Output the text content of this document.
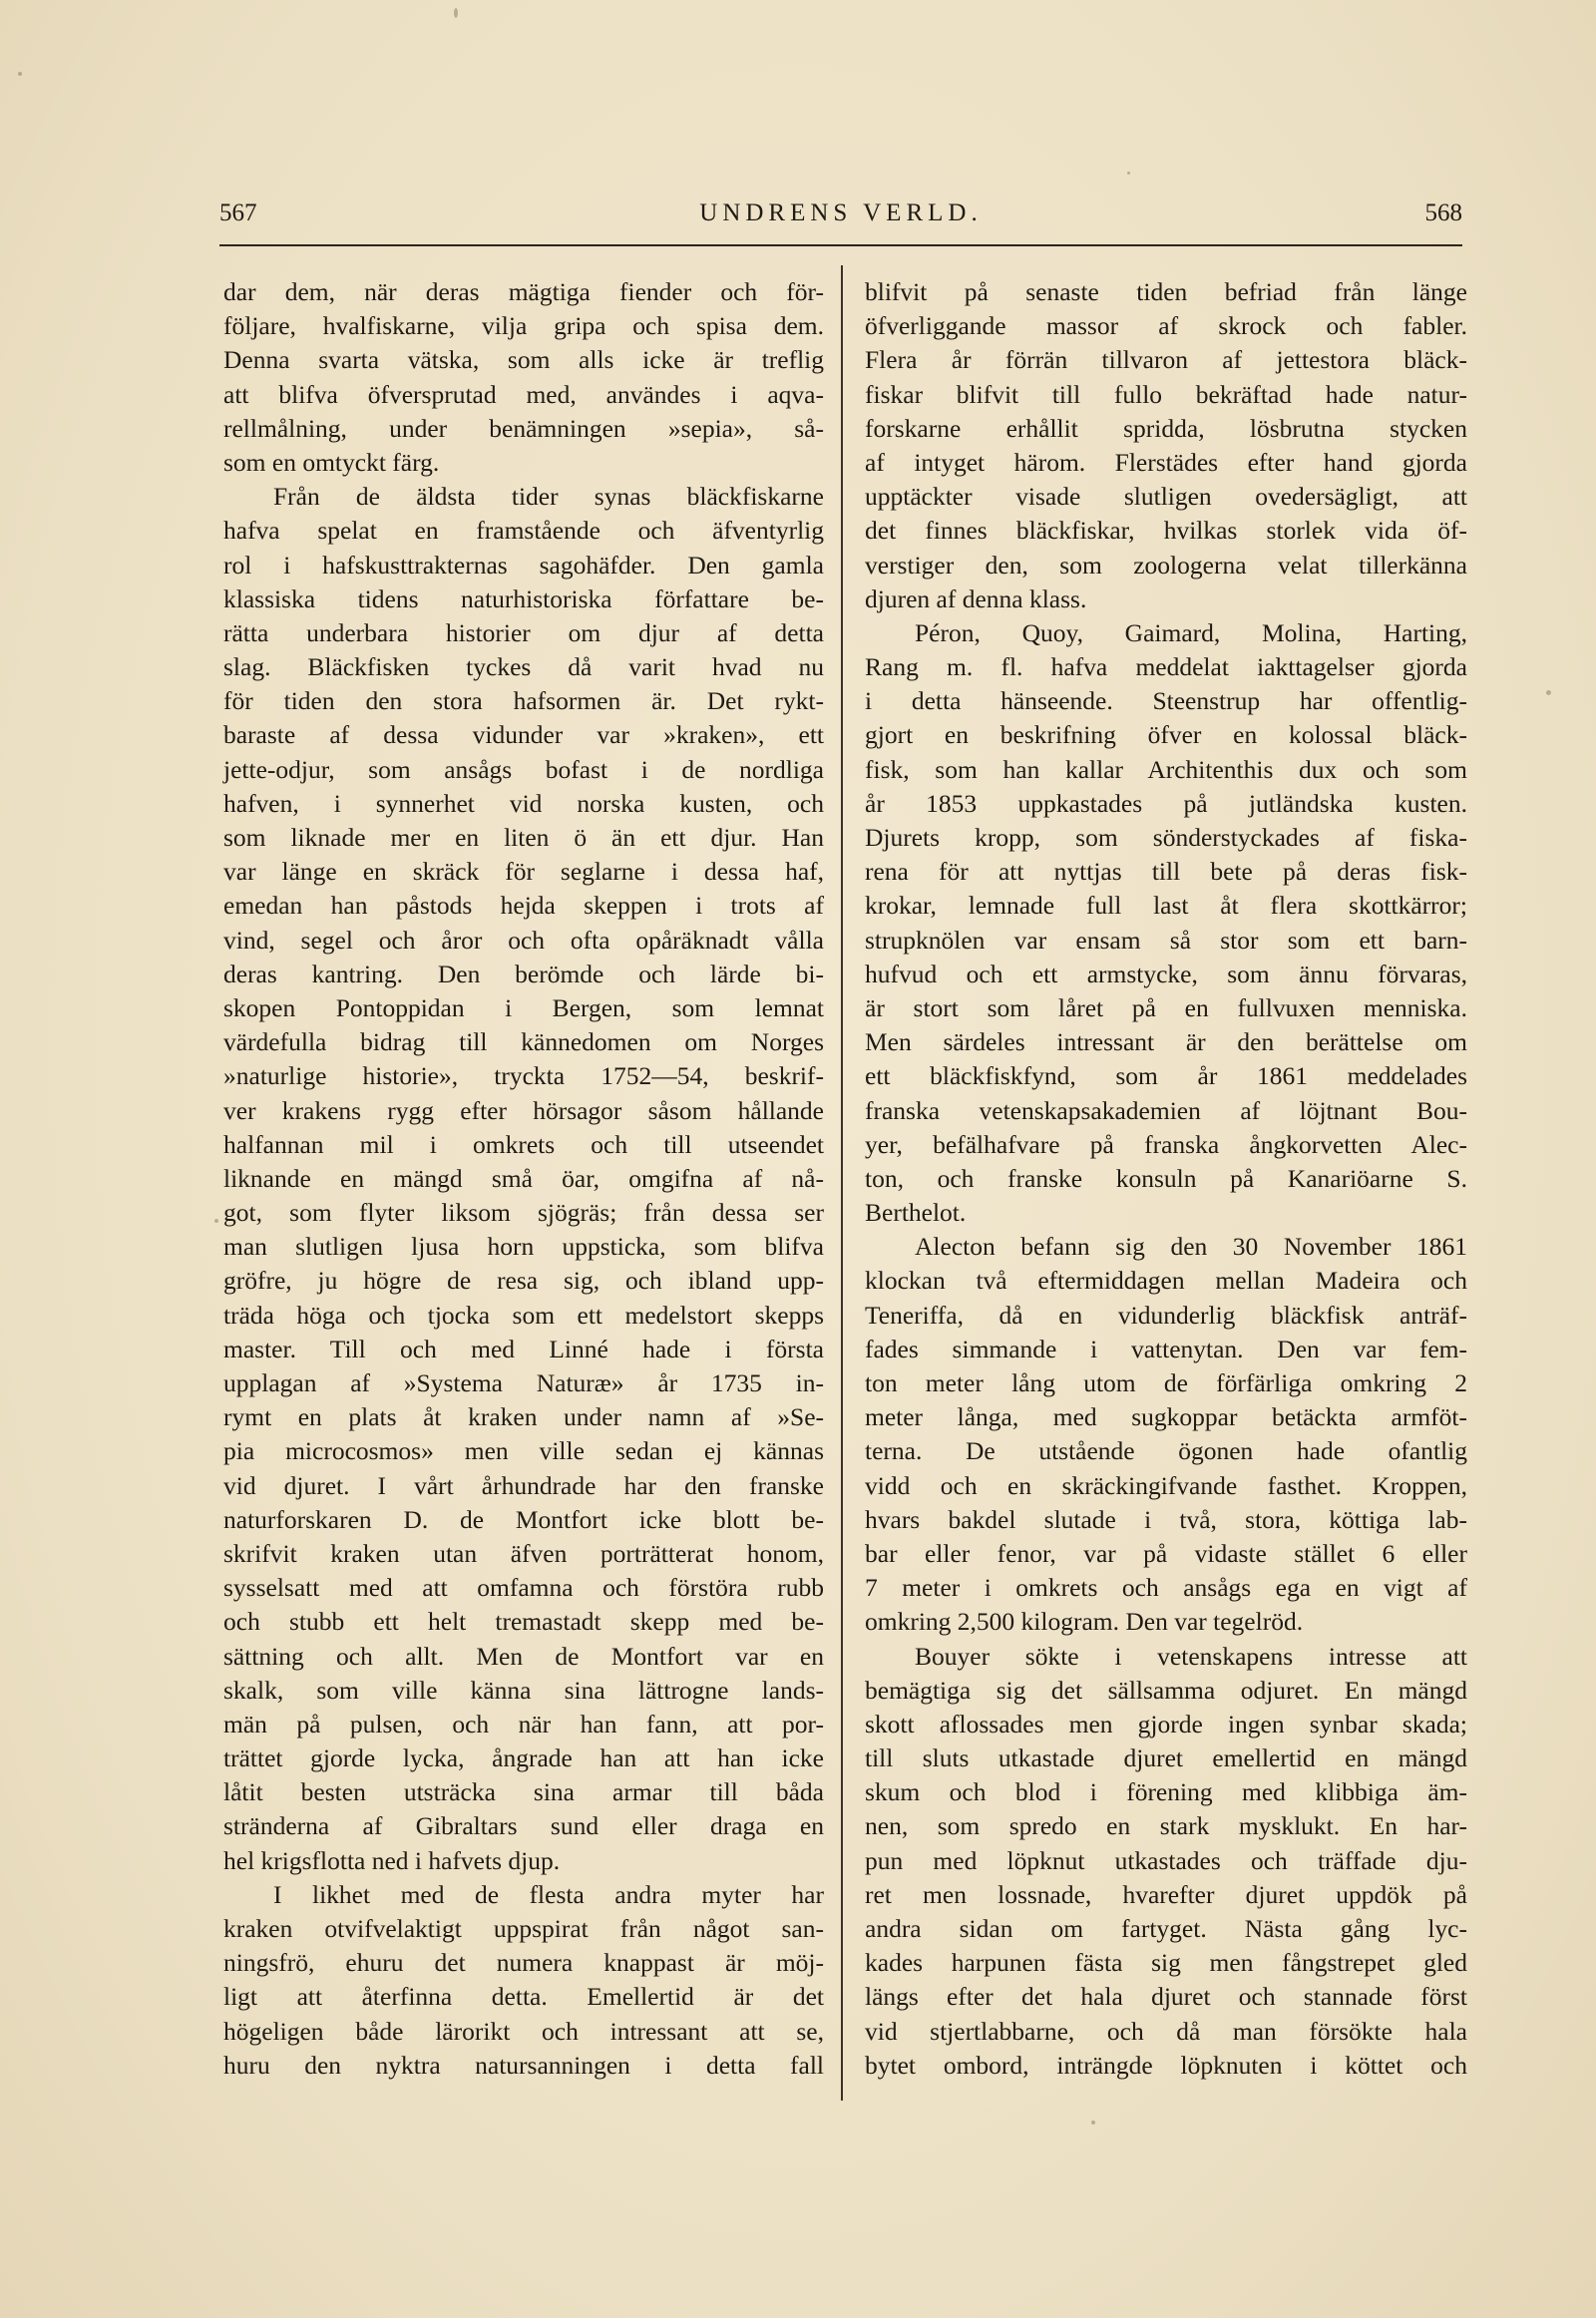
567	UNDRENS VERLD.	568
dar dem, när deras mägtiga fiender och för-
följare, hvalfiskarne, vilja gripa och spisa dem.
Denna svarta vätska, som alls icke är treflig
att blifva öfversprutad med, användes i aqva-
rellmålning, under benämningen »sepia», så-
som en omtyckt färg.
Från de äldsta tider synas bläckfiskarne
hafva spelat en framstående och äfventyrlig
rol i hafskusttrakternas sagohäfder. Den gamla
klassiska tidens naturhistoriska författare be-
rätta underbara historier om djur af detta
slag. Bläckfisken tyckes då varit hvad nu
för tiden den stora hafsormen är. Det rykt-
baraste af dessa vidunder var »kraken», ett
jette-odjur, som ansågs bofast i de nordliga
hafven, i synnerhet vid norska kusten, och
som liknade mer en liten ö än ett djur. Han
var länge en skräck för seglarne i dessa haf,
emedan han påstods hejda skeppen i trots af
vind, segel och åror och ofta opåräknadt vålla
deras kantring. Den berömde och lärde bi-
skopen Pontoppidan i Bergen, som lemnat
värdefulla bidrag till kännedomen om Norges
»naturlige historie», tryckta 1752—54, beskrif-
ver krakens rygg efter hörsagor såsom hållande
halfannan mil i omkrets och till utseendet
liknande en mängd små öar, omgifna af nå-
got, som flyter liksom sjögräs; från dessa ser
man slutligen ljusa horn uppsticka, som blifva
gröfre, ju högre de resa sig, och ibland upp-
träda höga och tjocka som ett medelstort skepps
master. Till och med Linné hade i första
upplagan af »Systema Naturæ» år 1735 in-
rymt en plats åt kraken under namn af »Se-
pia microcosmos» men ville sedan ej kännas
vid djuret. I vårt århundrade har den franske
naturforskaren D. de Montfort icke blott be-
skrifvit kraken utan äfven porträtterat honom,
sysselsatt med att omfamna och förstöra rubb
och stubb ett helt tremastadt skepp med be-
sättning och allt. Men de Montfort var en
skalk, som ville känna sina lättrogne lands-
män på pulsen, och när han fann, att por-
trättet gjorde lycka, ångrade han att han icke
låtit besten utsträcka sina armar till båda
stränderna af Gibraltars sund eller draga en
hel krigsflotta ned i hafvets djup.
I likhet med de flesta andra myter har
kraken otvifvelaktigt uppspirat från något san-
ningsfrö, ehuru det numera knappast är möj-
ligt att återfinna detta. Emellertid är det
högeligen både lärorikt och intressant att se,
huru den nyktra natursanningen i detta fall
blifvit på senaste tiden befriad från länge
öfverliggande massor af skrock och fabler.
Flera år förrän tillvaron af jettestora bläck-
fiskar blifvit till fullo bekräftad hade natur-
forskarne erhållit spridda, lösbrutna stycken
af intyget härom. Flerstädes efter hand gjorda
upptäckter visade slutligen ovedersägligt, att
det finnes bläckfiskar, hvilkas storlek vida öf-
verstiger den, som zoologerna velat tillerkänna
djuren af denna klass.
Péron, Quoy, Gaimard, Molina, Harting,
Rang m. fl. hafva meddelat iakttagelser gjorda
i detta hänseende. Steenstrup har offentlig-
gjort en beskrifning öfver en kolossal bläck-
fisk, som han kallar Architenthis dux och som
år 1853 uppkastades på jutländska kusten.
Djurets kropp, som sönderstyckades af fiska-
rena för att nyttjas till bete på deras fisk-
krokar, lemnade full last åt flera skottkärror;
strupknölen var ensam så stor som ett barn-
hufvud och ett armstycke, som ännu förvaras,
är stort som låret på en fullvuxen menniska.
Men särdeles intressant är den berättelse om
ett bläckfiskfynd, som år 1861 meddelades
franska vetenskapsakademien af löjtnant Bou-
yer, befälhafvare på franska ångkorvetten Alec-
ton, och franske konsuln på Kanariöarne S.
Berthelot.
Alecton befann sig den 30 November 1861
klockan två eftermiddagen mellan Madeira och
Teneriffa, då en vidunderlig bläckfisk anträf-
fades simmande i vattenytan. Den var fem-
ton meter lång utom de förfärliga omkring 2
meter långa, med sugkoppar betäckta armföt-
terna. De utstående ögonen hade ofantlig
vidd och en skräckingifvande fasthet. Kroppen,
hvars bakdel slutade i två, stora, köttiga lab-
bar eller fenor, var på vidaste stället 6 eller
7 meter i omkrets och ansågs ega en vigt af
omkring 2,500 kilogram. Den var tegelröd.
Bouyer sökte i vetenskapens intresse att
bemägtiga sig det sällsamma odjuret. En mängd
skott aflossades men gjorde ingen synbar skada;
till sluts utkastade djuret emellertid en mängd
skum och blod i förening med klibbiga äm-
nen, som spredo en stark mysklukt. En har-
pun med löpknut utkastades och träffade dju-
ret men lossnade, hvarefter djuret uppdök på
andra sidan om fartyget. Nästa gång lyc-
kades harpunen fästa sig men fångstrepet gled
längs efter det hala djuret och stannade först
vid stjertlabbarne, och då man försökte hala
bytet ombord, inträngde löpknuten i köttet och
